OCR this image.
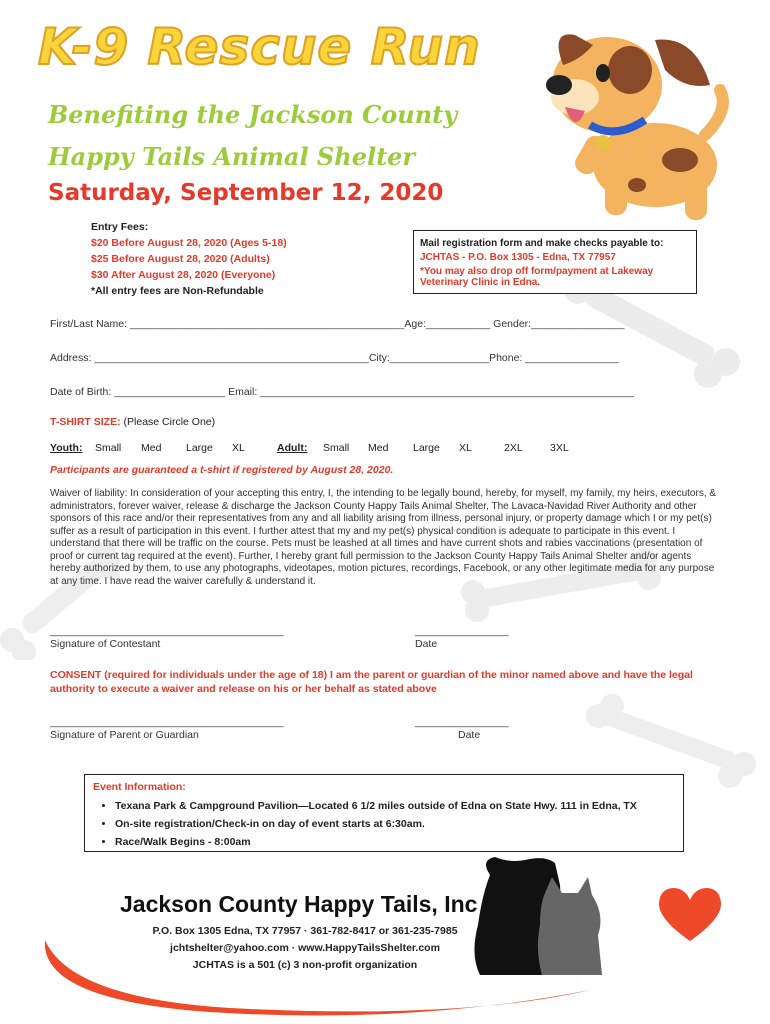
K-9 Rescue Run
Benefiting the Jackson County
Happy Tails Animal Shelter
Saturday, September 12, 2020
Entry Fees:
$20 Before August 28, 2020 (Ages 5-18)
$25 Before August 28, 2020 (Adults)
$30 After August 28, 2020 (Everyone)
*All entry fees are Non-Refundable
Mail registration form and make checks payable to:
JCHTAS - P.O. Box 1305 - Edna, TX 77957
*You may also drop off form/payment at Lakeway
Veterinary Clinic in Edna.
First/Last Name: _______________________________________________Age:___________ Gender:________________
Address: _______________________________________________City:_________________Phone: ________________
Date of Birth: ___________________ Email: ________________________________________________________________
T-SHIRT SIZE: (Please Circle One)
Youth: Small Med Large XL	Adult: Small Med Large XL	2XL	3XL
Participants are guaranteed a t-shirt if registered by August 28, 2020.
Waiver of liability: In consideration of your accepting this entry, I, the intending to be legally bound, hereby, for myself, my family, my heirs, executors, & administrators, forever waiver, release & discharge the Jackson County Happy Tails Animal Shelter, The Lavaca-Navidad River Authority and other sponsors of this race and/or their representatives from any and all liability arising from illness, personal injury, or property damage which I or my pet(s) suffer as a result of participation in this event. I further attest that my and my pet(s) physical condition is adequate to participate in this event. I understand that there will be traffic on the course. Pets must be leashed at all times and have current shots and rabies vaccinations (presentation of proof or current tag required at the event). Further, I hereby grant full permission to the Jackson County Happy Tails Animal Shelter and/or agents hereby authorized by them, to use any photographs, videotapes, motion pictures, recordings, Facebook, or any other legitimate media for any purpose at any time. I have read the waiver carefully & understand it.
________________________________________	________________
Signature of Contestant	Date
CONSENT (required for individuals under the age of 18) I am the parent or guardian of the minor named above and have the legal authority to execute a waiver and release on his or her behalf as stated above
________________________________________	________________
Signature of Parent or Guardian	Date
Event Information:
• Texana Park & Campground Pavilion—Located 6 1/2 miles outside of Edna on State Hwy. 111 in Edna, TX
• On-site registration/Check-in on day of event starts at 6:30am.
• Race/Walk Begins - 8:00am
Jackson County Happy Tails, Inc
P.O. Box 1305 Edna, TX 77957 · 361-782-8417 or 361-235-7985
jchtshelter@yahoo.com · www.HappyTailsShelter.com
JCHTAS is a 501 (c) 3 non-profit organization
